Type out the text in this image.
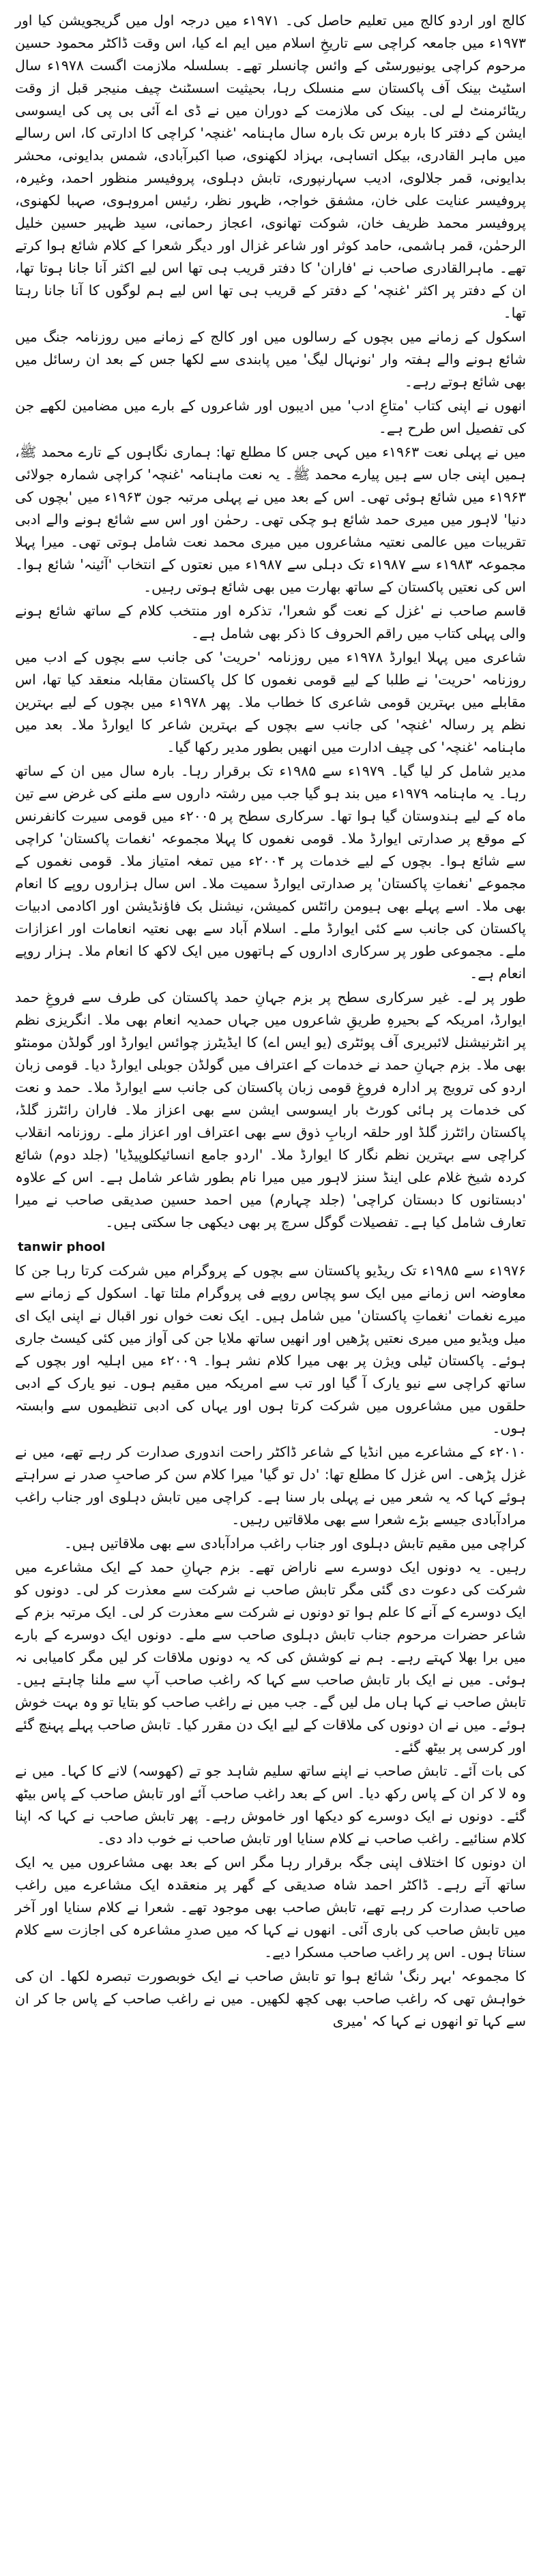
کالج اور اردو کالج میں تعلیم حاصل کی۔ ۱۹۷۱ء میں درجہ اول میں گریجویشن کیا اور ۱۹۷۳ء میں جامعہ کراچی سے تاریخِ اسلام میں ایم اے کیا، اس وقت ڈاکٹر محمود حسین مرحوم کراچی یونیورسٹی کے وائس چانسلر تھے۔ بسلسلہ ملازمت اگست ۱۹۷۸ء سال اسٹیٹ بینک آف پاکستان سے منسلک رہا، بحیثیت اسسٹنٹ چیف منیجر قبل از وقت ریٹائرمنٹ لے لی۔ بینک کی ملازمت کے دوران میں نے ڈی اے آئی بی پی کی ایسوسی ایشن کے دفتر کا بارہ برس تک بارہ سال ماہنامہ 'غنچہ' کراچی کا ادارتی کا، اس رسالے میں ماہر القادری، بیکل اتساہی، بہزاد لکھنوی، صبا اکبرآبادی، شمس بدایونی، محشر بدایونی، قمر جلالوی، ادیب سہارنپوری، تابش دہلوی، پروفیسر منظور احمد، وغیرہ، پروفیسر عنایت علی خان، مشفق خواجہ، ظہور نظر، رئیس امروہوی، صہبا لکھنوی، پروفیسر محمد ظریف خان، شوکت تھانوی، اعجاز رحمانی، سید ظہیر حسین خلیل الرحمٰن، قمر ہاشمی، حامد کوثر اور شاعر غزال اور دیگر شعرا کے کلام شائع ہوا کرتے تھے۔ ماہرالقادری صاحب نے 'فاران' کا دفتر قریب ہی تھا اس لیے اکثر آنا جانا ہوتا تھا، ان کے دفتر پر اکثر 'غنچہ' کے دفتر کے قریب ہی تھا اس لیے ہم لوگوں کا آنا جانا رہتا تھا۔

اسکول کے زمانے میں بچوں کے رسالوں میں اور کالج کے زمانے میں روزنامہ جنگ میں شائع ہونے والے ہفتہ وار 'نونہال لیگ' میں پابندی سے لکھا جس کے بعد ان رسائل میں بھی شائع ہوتے رہے۔

انھوں نے اپنی کتاب 'متاعِ ادب' میں ادیبوں اور شاعروں کے بارے میں مضامین لکھے جن کی تفصیل اس طرح ہے۔

میں نے پہلی نعت ۱۹۶۳ء میں کہی جس کا مطلع تھا: ہماری نگاہوں کے تارے محمد ﷺ، ہمیں اپنی جاں سے ہیں پیارے محمد ﷺ۔ یہ نعت ماہنامہ 'غنچہ' کراچی شمارہ جولائی ۱۹۶۳ء میں شائع ہوئی تھی۔ اس کے بعد میں نے پہلی مرتبہ جون ۱۹۶۳ء میں 'بچوں کی دنیا' لاہور میں میری حمد شائع ہو چکی تھی۔ رحمٰن اور اس سے شائع ہونے والے ادبی تقریبات میں عالمی نعتیہ مشاعروں میں میری محمد نعت شامل ہوتی تھی۔ میرا پہلا مجموعہ ۱۹۸۳ء سے ۱۹۸۷ء تک دہلی سے ۱۹۸۷ء میں نعتوں کے انتخاب 'آئینہ' شائع ہوا۔ اس کی نعتیں پاکستان کے ساتھ بھارت میں بھی شائع ہوتی رہیں۔

قاسم صاحب نے 'غزل کے نعت گو شعرا'، تذکرہ اور منتخب کلام کے ساتھ شائع ہونے والی پہلی کتاب میں راقم الحروف کا ذکر بھی شامل ہے۔

شاعری میں پہلا ایوارڈ ۱۹۷۸ء میں روزنامہ 'حریت' کی جانب سے بچوں کے ادب میں روزنامہ 'حریت' نے طلبا کے لیے قومی نغموں کا کل پاکستان مقابلہ منعقد کیا تھا، اس مقابلے میں بہترین قومی شاعری کا خطاب ملا۔ پھر ۱۹۷۸ء میں بچوں کے لیے بہترین نظم پر رسالہ 'غنچہ' کی جانب سے بچوں کے بہترین شاعر کا ایوارڈ ملا۔ بعد میں ماہنامہ 'غنچہ' کی چیف ادارت میں انھیں بطور مدیر رکھا گیا۔

مدیر شامل کر لیا گیا۔ ۱۹۷۹ء سے ۱۹۸۵ء تک برقرار رہا۔ بارہ سال میں ان کے ساتھ رہا۔ یہ ماہنامہ ۱۹۷۹ء میں بند ہو گیا جب میں رشتہ داروں سے ملنے کی غرض سے تین ماہ کے لیے ہندوستان گیا ہوا تھا۔ سرکاری سطح پر ۲۰۰۵ء میں قومی سیرت کانفرنس کے موقع پر صدارتی ایوارڈ ملا۔ قومی نغموں کا پہلا مجموعہ 'نغمات پاکستان' کراچی سے شائع ہوا۔ بچوں کے لیے خدمات پر ۲۰۰۴ء میں تمغہ امتیاز ملا۔ قومی نغموں کے مجموعے 'نغماتِ پاکستان' پر صدارتی ایوارڈ سمیت ملا۔ اس سال ہزاروں روپے کا انعام بھی ملا۔ اسے پہلے بھی ہیومن رائٹس کمیشن، نیشنل بک فاؤنڈیشن اور اکادمی ادبیات پاکستان کی جانب سے کئی ایوارڈ ملے۔ اسلام آباد سے بھی نعتیہ انعامات اور اعزازات ملے۔ مجموعی طور پر سرکاری اداروں کے ہاتھوں میں ایک لاکھ کا انعام ملا۔ ہزار روپے انعام ہے۔

طور پر لے۔ غیر سرکاری سطح پر بزم جہانِ حمد پاکستان کی طرف سے فروغِ حمد ایوارڈ، امریکہ کے بحیرہِ طریقِ شاعروں میں جہاں حمدیہ انعام بھی ملا۔ انگریزی نظم پر انٹرنیشنل لائبریری آف پوئٹری (یو ایس اے) کا ایڈیٹرز چوائس ایوارڈ اور گولڈن مومنٹو بھی ملا۔ بزم جہانِ حمد نے خدمات کے اعتراف میں گولڈن جوبلی ایوارڈ دیا۔ قومی زبان اردو کی ترویج پر ادارہ فروغِ قومی زبان پاکستان کی جانب سے ایوارڈ ملا۔ حمد و نعت کی خدمات پر ہائی کورٹ بار ایسوسی ایشن سے بھی اعزاز ملا۔ فاران رائٹرز گلڈ، پاکستان رائٹرز گلڈ اور حلقہ اربابِ ذوق سے بھی اعتراف اور اعزاز ملے۔ روزنامہ انقلاب کراچی سے بہترین نظم نگار کا ایوارڈ ملا۔ 'اردو جامع انسائیکلوپیڈیا' (جلد دوم) شائع کردہ شیخ غلام علی اینڈ سنز لاہور میں میرا نام بطور شاعر شامل ہے۔ اس کے علاوہ 'دبستانوں کا دبستان کراچی' (جلد چہارم) میں احمد حسین صدیقی صاحب نے میرا تعارف شامل کیا ہے۔ تفصیلات گوگل سرچ پر بھی دیکھی جا سکتی ہیں۔

tanwir phool

۱۹۷۶ء سے ۱۹۸۵ء تک ریڈیو پاکستان سے بچوں کے پروگرام میں شرکت کرتا رہا جن کا معاوضہ اس زمانے میں ایک سو پچاس روپے فی پروگرام ملتا تھا۔ اسکول کے زمانے سے میرے نغمات 'نغماتِ پاکستان' میں شامل ہیں۔ ایک نعت خواں نور اقبال نے اپنی ایک ای میل ویڈیو میں میری نعتیں پڑھیں اور انھیں ساتھ ملایا جن کی آواز میں کئی کیسٹ جاری ہوئے۔ پاکستان ٹیلی ویژن پر بھی میرا کلام نشر ہوا۔ ۲۰۰۹ء میں اہلیہ اور بچوں کے ساتھ کراچی سے نیو یارک آ گیا اور تب سے امریکہ میں مقیم ہوں۔ نیو یارک کے ادبی حلقوں میں مشاعروں میں شرکت کرتا ہوں اور یہاں کی ادبی تنظیموں سے وابستہ ہوں۔

۲۰۱۰ء کے مشاعرے میں انڈیا کے شاعر ڈاکٹر راحت اندوری صدارت کر رہے تھے، میں نے غزل پڑھی۔ اس غزل کا مطلع تھا: 'دل تو گیا' میرا کلام سن کر صاحبِ صدر نے سراہتے ہوئے کہا کہ یہ شعر میں نے پہلی بار سنا ہے۔ کراچی میں تابش دہلوی اور جناب راغب مرادآبادی جیسے بڑے شعرا سے بھی ملاقاتیں رہیں۔

کراچی میں مقیم تابش دہلوی اور جناب راغب مرادآبادی سے بھی ملاقاتیں ہیں۔

رہیں۔ یہ دونوں ایک دوسرے سے ناراض تھے۔ بزم جہانِ حمد کے ایک مشاعرے میں شرکت کی دعوت دی گئی مگر تابش صاحب نے شرکت سے معذرت کر لی۔ دونوں کو ایک دوسرے کے آنے کا علم ہوا تو دونوں نے شرکت سے معذرت کر لی۔ ایک مرتبہ بزم کے شاعر حضرات مرحوم جناب تابش دہلوی صاحب سے ملے۔ دونوں ایک دوسرے کے بارے میں برا بھلا کہتے رہے۔ ہم نے کوشش کی کہ یہ دونوں ملاقات کر لیں مگر کامیابی نہ ہوئی۔ میں نے ایک بار تابش صاحب سے کہا کہ راغب صاحب آپ سے ملنا چاہتے ہیں۔ تابش صاحب نے کہا ہاں مل لیں گے۔ جب میں نے راغب صاحب کو بتایا تو وہ بہت خوش ہوئے۔ میں نے ان دونوں کی ملاقات کے لیے ایک دن مقرر کیا۔ تابش صاحب پہلے پہنچ گئے اور کرسی پر بیٹھ گئے۔

کی بات آئے۔ تابش صاحب نے اپنے ساتھ سلیم شاہد جو تے (کھوسہ) لانے کا کہا۔ میں نے وہ لا کر ان کے پاس رکھ دیا۔ اس کے بعد راغب صاحب آئے اور تابش صاحب کے پاس بیٹھ گئے۔ دونوں نے ایک دوسرے کو دیکھا اور خاموش رہے۔ پھر تابش صاحب نے کہا کہ اپنا کلام سنائیے۔ راغب صاحب نے کلام سنایا اور تابش صاحب نے خوب داد دی۔

ان دونوں کا اختلاف اپنی جگہ برقرار رہا مگر اس کے بعد بھی مشاعروں میں یہ ایک ساتھ آتے رہے۔ ڈاکٹر احمد شاہ صدیقی کے گھر پر منعقدہ ایک مشاعرے میں راغب صاحب صدارت کر رہے تھے، تابش صاحب بھی موجود تھے۔ شعرا نے کلام سنایا اور آخر میں تابش صاحب کی باری آئی۔ انھوں نے کہا کہ میں صدرِ مشاعرہ کی اجازت سے کلام سناتا ہوں۔ اس پر راغب صاحب مسکرا دیے۔

کا مجموعہ 'بہر رنگ' شائع ہوا تو تابش صاحب نے ایک خوبصورت تبصرہ لکھا۔ ان کی خواہش تھی کہ راغب صاحب بھی کچھ لکھیں۔ میں نے راغب صاحب کے پاس جا کر ان سے کہا تو انھوں نے کہا کہ 'میری
